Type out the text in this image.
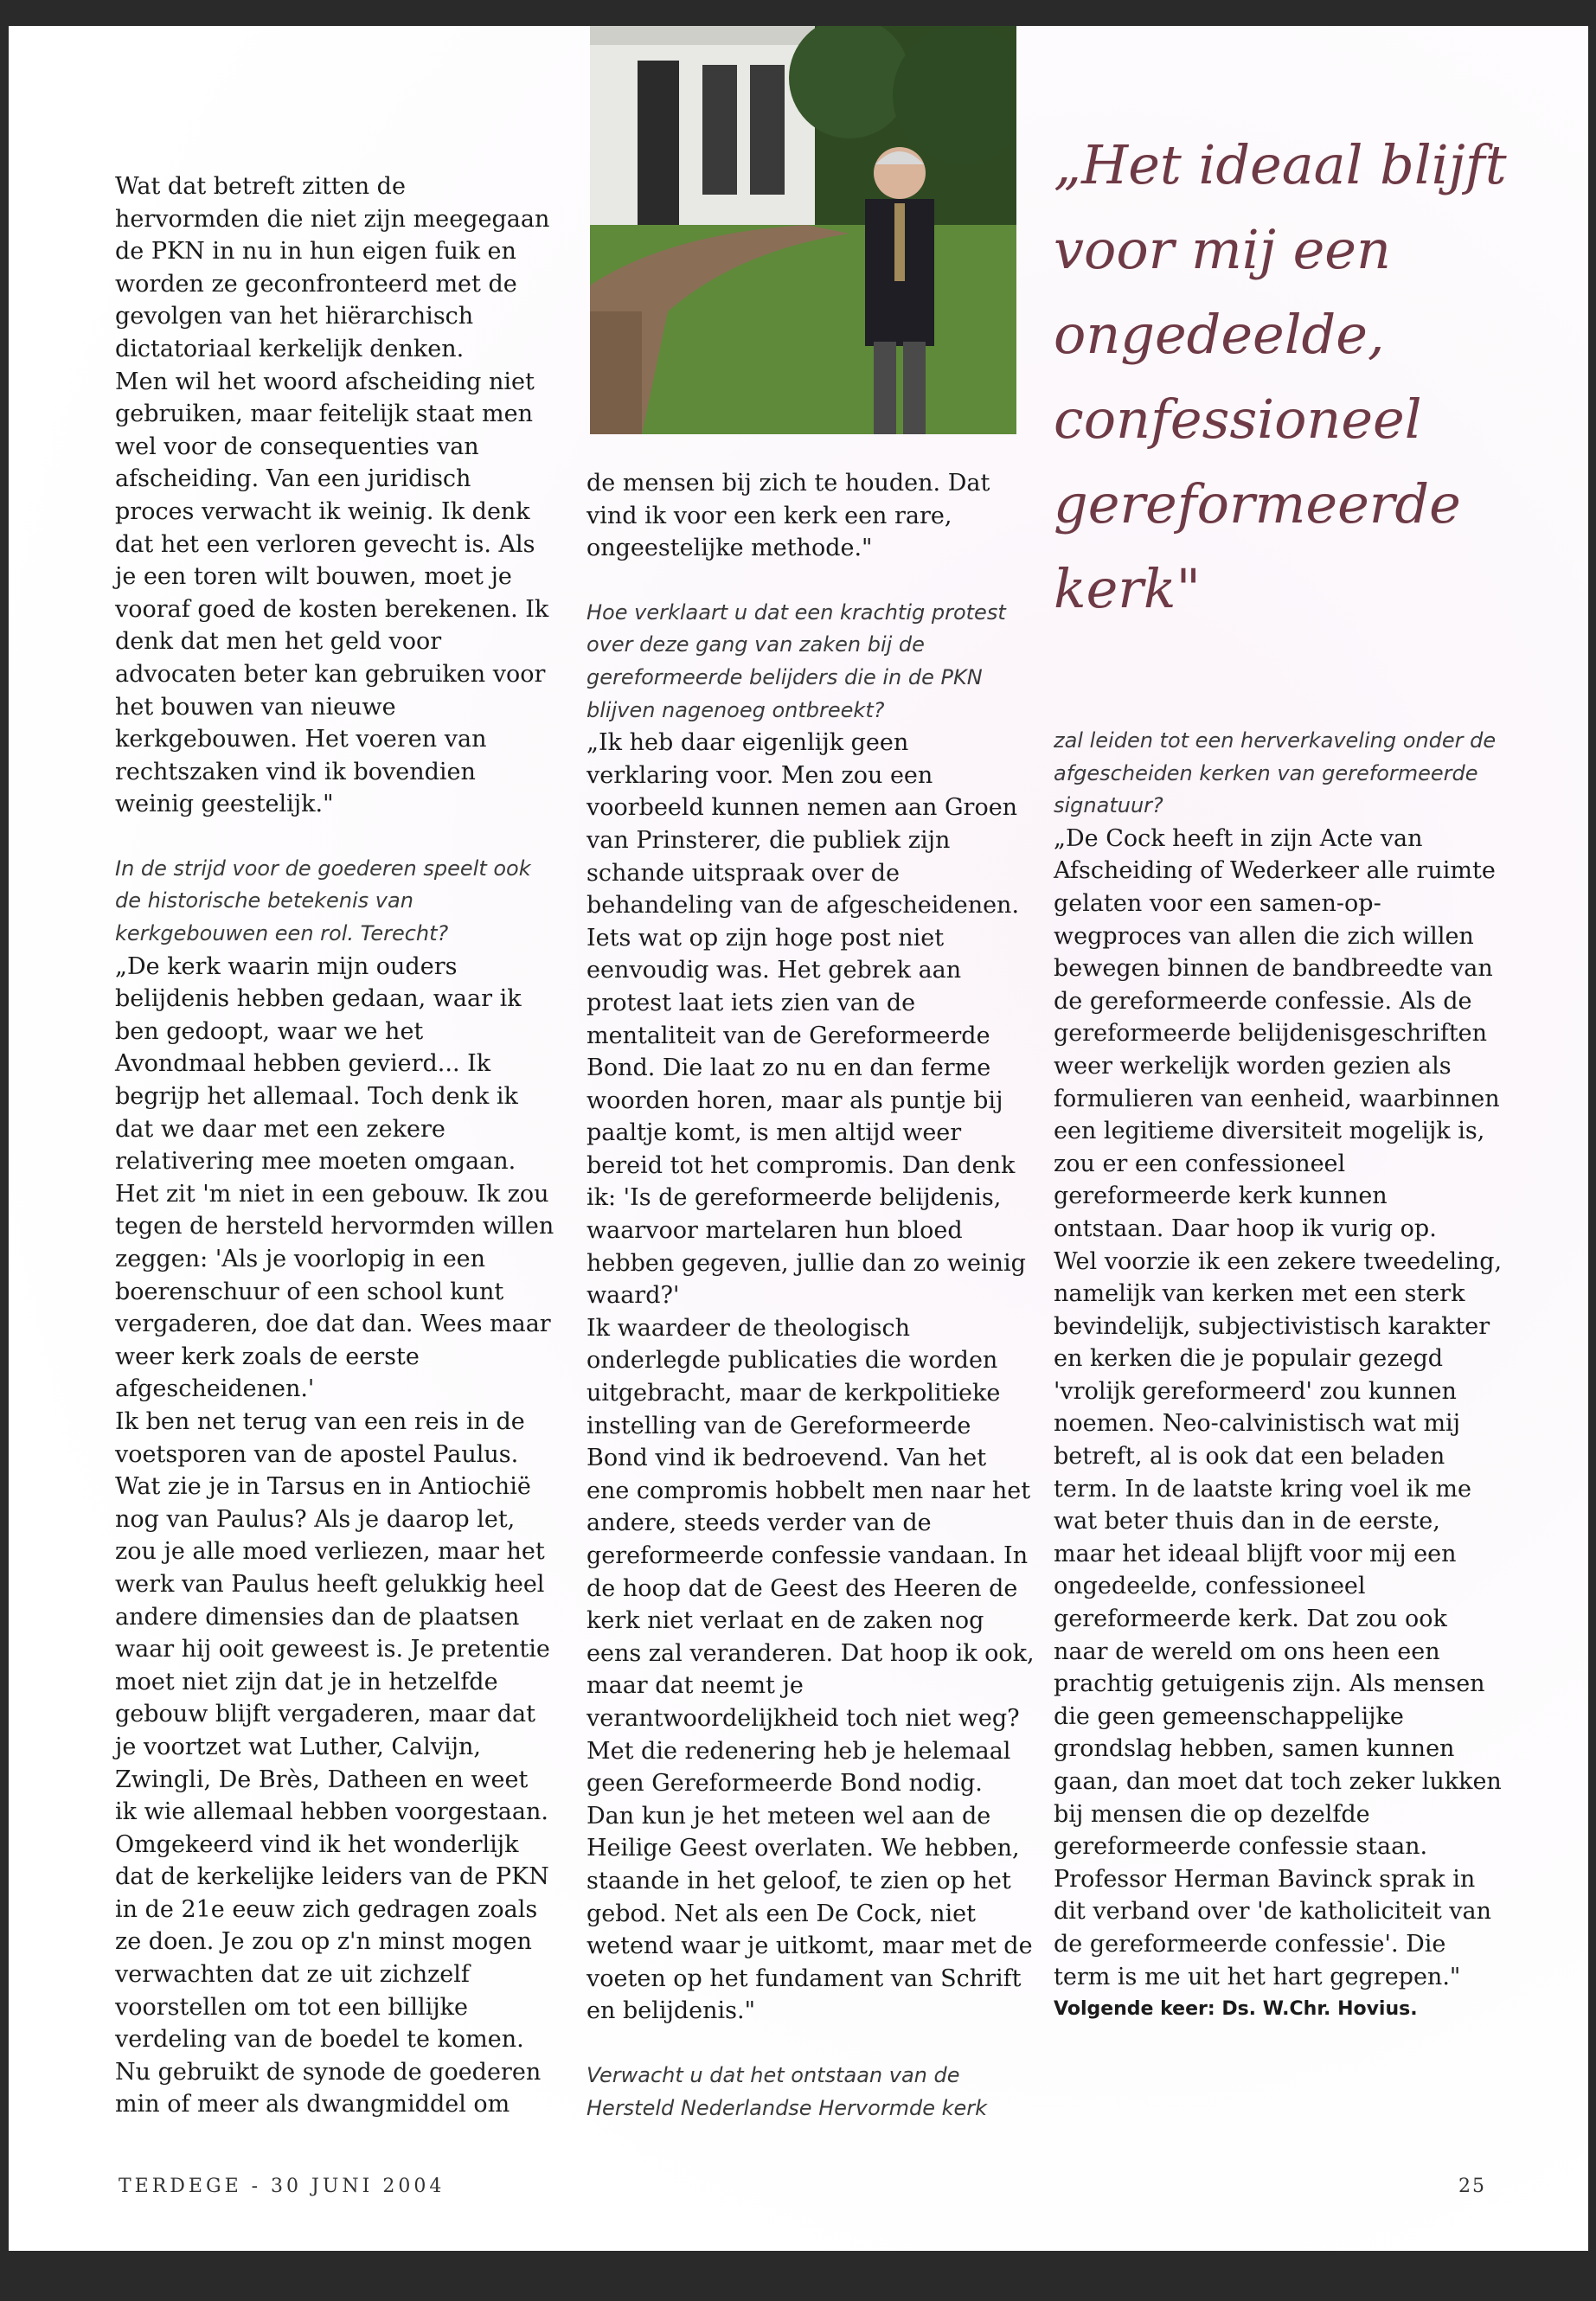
Wat dat betreft zitten de hervormden die niet zijn meegegaan de PKN in nu in hun eigen fuik en worden ze geconfronteerd met de gevolgen van het hiërarchisch dictatoriaal kerkelijk denken.

Men wil het woord afscheiding niet gebruiken, maar feitelijk staat men wel voor de consequenties van afscheiding. Van een juridisch proces verwacht ik weinig. Ik denk dat het een verloren gevecht is. Als je een toren wilt bouwen, moet je vooraf goed de kosten berekenen. Ik denk dat men het geld voor advocaten beter kan gebruiken voor het bouwen van nieuwe kerkgebouwen. Het voeren van rechtszaken vind ik bovendien weinig geestelijk."

In de strijd voor de goederen speelt ook de historische betekenis van kerkgebouwen een rol. Terecht?

„De kerk waarin mijn ouders belijdenis hebben gedaan, waar ik ben gedoopt, waar we het Avondmaal hebben gevierd... Ik begrijp het allemaal. Toch denk ik dat we daar met een zekere relativering mee moeten omgaan. Het zit 'm niet in een gebouw. Ik zou tegen de hersteld hervormden willen zeggen: 'Als je voorlopig in een boerenschuur of een school kunt vergaderen, doe dat dan. Wees maar weer kerk zoals de eerste afgescheidenen.'

Ik ben net terug van een reis in de voetsporen van de apostel Paulus. Wat zie je in Tarsus en in Antiochië nog van Paulus? Als je daarop let, zou je alle moed verliezen, maar het werk van Paulus heeft gelukkig heel andere dimensies dan de plaatsen waar hij ooit geweest is. Je pretentie moet niet zijn dat je in hetzelfde gebouw blijft vergaderen, maar dat je voortzet wat Luther, Calvijn, Zwingli, De Brès, Datheen en weet ik wie allemaal hebben voorgestaan.

Omgekeerd vind ik het wonderlijk dat de kerkelijke leiders van de PKN in de 21e eeuw zich gedragen zoals ze doen. Je zou op z'n minst mogen verwachten dat ze uit zichzelf voorstellen om tot een billijke verdeling van de boedel te komen. Nu gebruikt de synode de goederen min of meer als dwangmiddel om

de mensen bij zich te houden. Dat vind ik voor een kerk een rare, ongeestelijke methode."

Hoe verklaart u dat een krachtig protest over deze gang van zaken bij de gereformeerde belijders die in de PKN blijven nagenoeg ontbreekt?

„Ik heb daar eigenlijk geen verklaring voor. Men zou een voorbeeld kunnen nemen aan Groen van Prinsterer, die publiek zijn schande uitspraak over de behandeling van de afgescheidenen. Iets wat op zijn hoge post niet eenvoudig was. Het gebrek aan protest laat iets zien van de mentaliteit van de Gereformeerde Bond. Die laat zo nu en dan ferme woorden horen, maar als puntje bij paaltje komt, is men altijd weer bereid tot het compromis. Dan denk ik: 'Is de gereformeerde belijdenis, waarvoor martelaren hun bloed hebben gegeven, jullie dan zo weinig waard?'

Ik waardeer de theologisch onderlegde publicaties die worden uitgebracht, maar de kerkpolitieke instelling van de Gereformeerde Bond vind ik bedroevend. Van het ene compromis hobbelt men naar het andere, steeds verder van de gereformeerde confessie vandaan. In de hoop dat de Geest des Heeren de kerk niet verlaat en de zaken nog eens zal veranderen. Dat hoop ik ook, maar dat neemt je verantwoordelijkheid toch niet weg? Met die redenering heb je helemaal geen Gereformeerde Bond nodig. Dan kun je het meteen wel aan de Heilige Geest overlaten. We hebben, staande in het geloof, te zien op het gebod. Net als een De Cock, niet wetend waar je uitkomt, maar met de voeten op het fundament van Schrift en belijdenis."

Verwacht u dat het ontstaan van de Hersteld Nederlandse Hervormde kerk

„Het ideaal blijft voor mij een ongedeelde, confessioneel gereformeerde kerk"

zal leiden tot een herverkaveling onder de afgescheiden kerken van gereformeerde signatuur?

„De Cock heeft in zijn Acte van Afscheiding of Wederkeer alle ruimte gelaten voor een samen-op-wegproces van allen die zich willen bewegen binnen de bandbreedte van de gereformeerde confessie. Als de gereformeerde belijdenisgeschriften weer werkelijk worden gezien als formulieren van eenheid, waarbinnen een legitieme diversiteit mogelijk is, zou er een confessioneel gereformeerde kerk kunnen ontstaan. Daar hoop ik vurig op.

Wel voorzie ik een zekere tweedeling, namelijk van kerken met een sterk bevindelijk, subjectivistisch karakter en kerken die je populair gezegd 'vrolijk gereformeerd' zou kunnen noemen. Neo-calvinistisch wat mij betreft, al is ook dat een beladen term. In de laatste kring voel ik me wat beter thuis dan in de eerste, maar het ideaal blijft voor mij een ongedeelde, confessioneel gereformeerde kerk. Dat zou ook naar de wereld om ons heen een prachtig getuigenis zijn. Als mensen die geen gemeenschappelijke grondslag hebben, samen kunnen gaan, dan moet dat toch zeker lukken bij mensen die op dezelfde gereformeerde confessie staan. Professor Herman Bavinck sprak in dit verband over 'de katholiciteit van de gereformeerde confessie'. Die term is me uit het hart gegrepen."

Volgende keer: Ds. W.Chr. Hovius.

TERDEGE - 30 JUNI 2004	25
